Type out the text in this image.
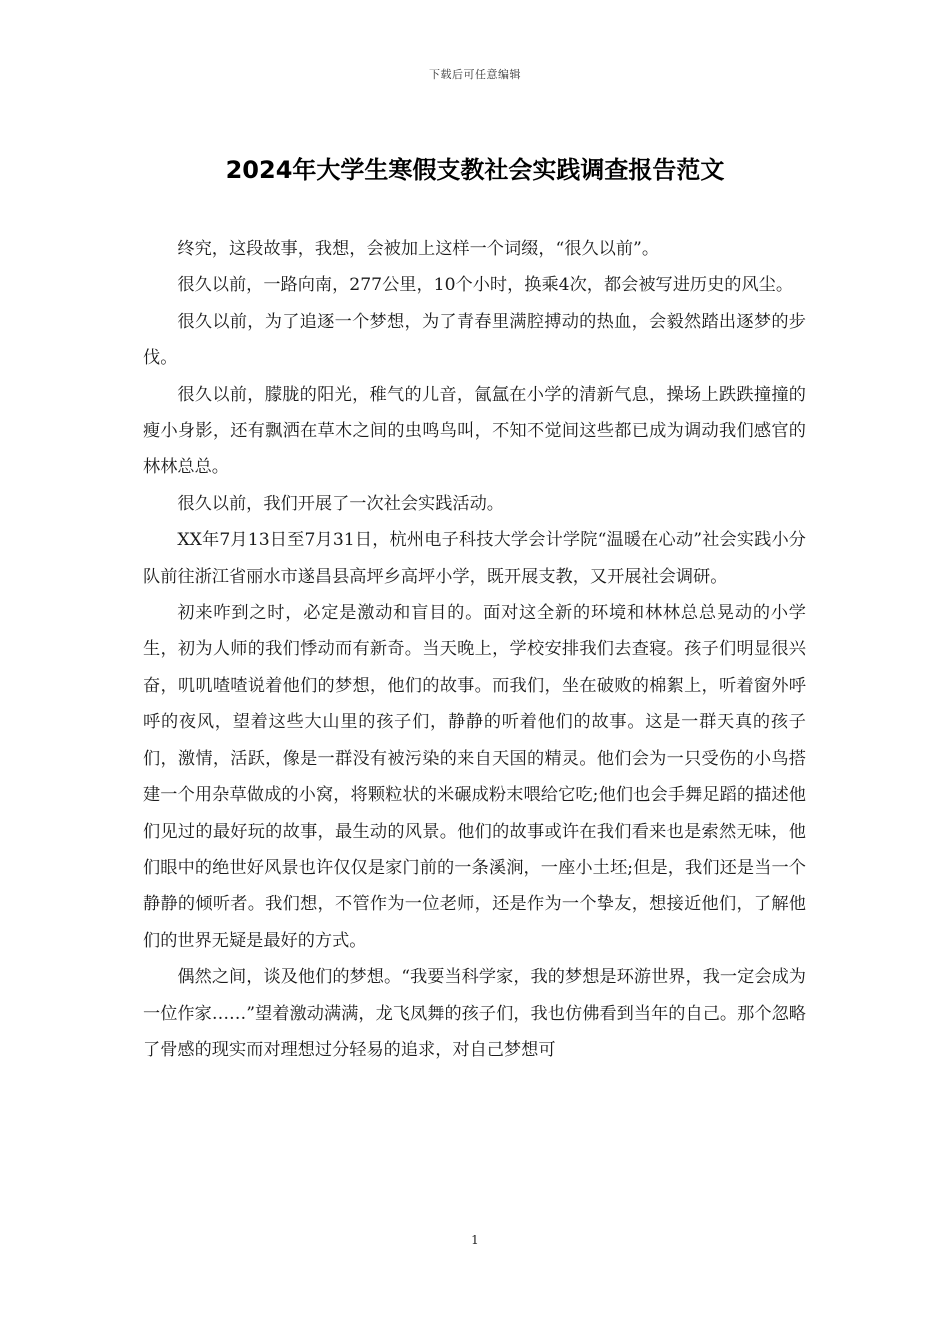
下载后可任意编辑
2024年大学生寒假支教社会实践调查报告范文

终究，这段故事，我想，会被加上这样一个词缀，“很久以前”。

很久以前，一路向南，277公里，10个小时，换乘4次，都会被写进历史的风尘。

很久以前，为了追逐一个梦想，为了青春里满腔搏动的热血，会毅然踏出逐梦的步伐。

很久以前，朦胧的阳光，稚气的儿音，氤氲在小学的清新气息，操场上跌跌撞撞的瘦小身影，还有飘洒在草木之间的虫鸣鸟叫，不知不觉间这些都已成为调动我们感官的林林总总。

很久以前，我们开展了一次社会实践活动。

XX年7月13日至7月31日，杭州电子科技大学会计学院“温暖在心动”社会实践小分队前往浙江省丽水市遂昌县高坪乡高坪小学，既开展支教，又开展社会调研。

初来咋到之时，必定是激动和盲目的。面对这全新的环境和林林总总晃动的小学生，初为人师的我们悸动而有新奇。当天晚上，学校安排我们去查寝。孩子们明显很兴奋，叽叽喳喳说着他们的梦想，他们的故事。而我们，坐在破败的棉絮上，听着窗外呼呼的夜风，望着这些大山里的孩子们，静静的听着他们的故事。这是一群天真的孩子们，激情，活跃，像是一群没有被污染的来自天国的精灵。他们会为一只受伤的小鸟搭建一个用杂草做成的小窝，将颗粒状的米碾成粉末喂给它吃;他们也会手舞足蹈的描述他们见过的最好玩的故事，最生动的风景。他们的故事或许在我们看来也是索然无味，他们眼中的绝世好风景也许仅仅是家门前的一条溪涧，一座小土坯;但是，我们还是当一个静静的倾听者。我们想，不管作为一位老师，还是作为一个挚友，想接近他们，了解他们的世界无疑是最好的方式。

偶然之间，谈及他们的梦想。“我要当科学家，我的梦想是环游世界，我一定会成为一位作家……”望着激动满满，龙飞凤舞的孩子们，我也仿佛看到当年的自己。那个忽略了骨感的现实而对理想过分轻易的追求，对自己梦想可

1
